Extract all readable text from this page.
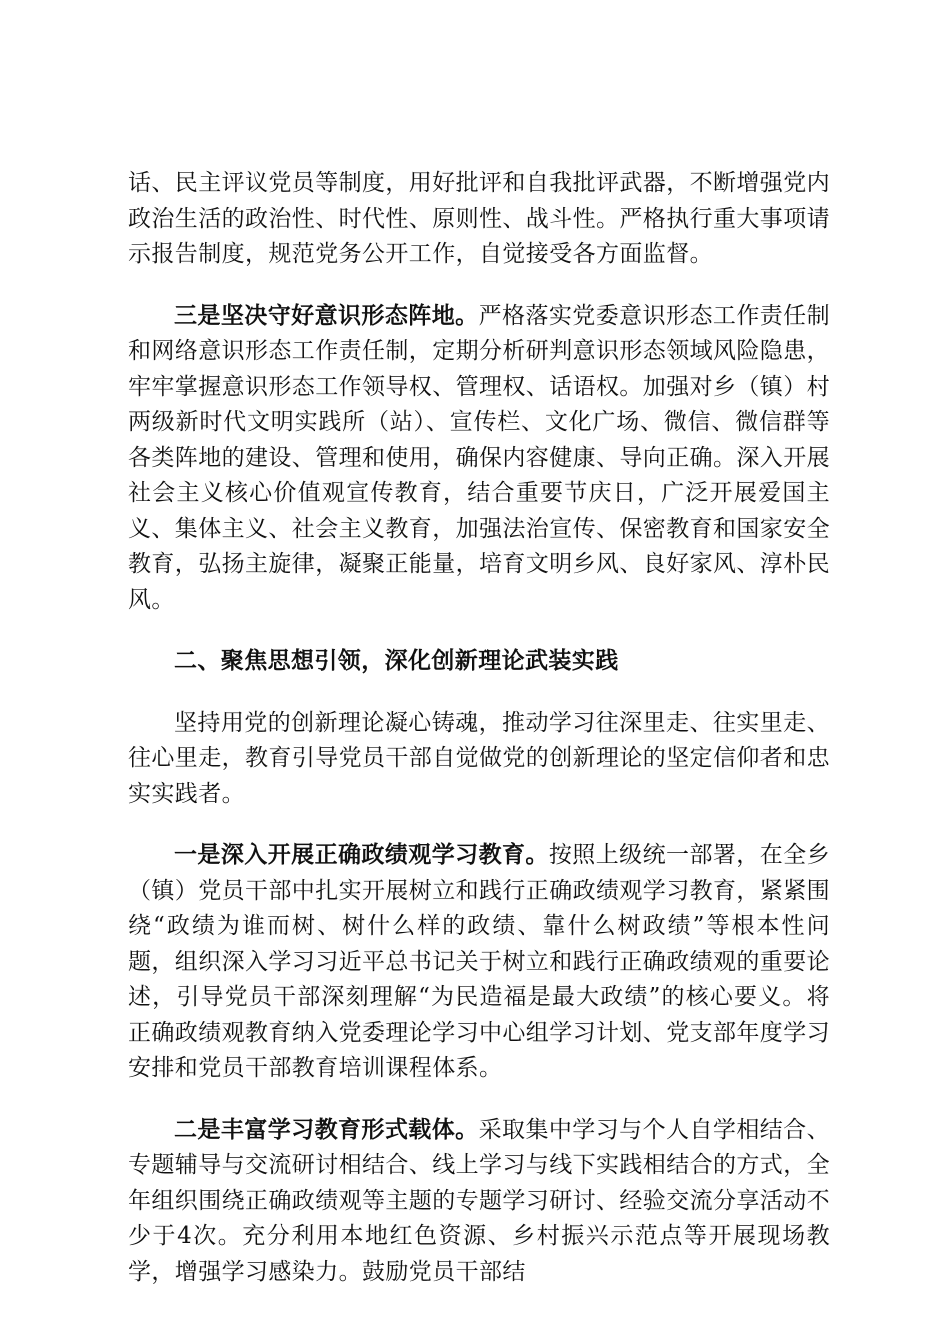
话、民主评议党员等制度，用好批评和自我批评武器，不断增强党内政治生活的政治性、时代性、原则性、战斗性。严格执行重大事项请示报告制度，规范党务公开工作，自觉接受各方面监督。

三是坚决守好意识形态阵地。严格落实党委意识形态工作责任制和网络意识形态工作责任制，定期分析研判意识形态领域风险隐患，牢牢掌握意识形态工作领导权、管理权、话语权。加强对乡（镇）村两级新时代文明实践所（站）、宣传栏、文化广场、微信、微信群等各类阵地的建设、管理和使用，确保内容健康、导向正确。深入开展社会主义核心价值观宣传教育，结合重要节庆日，广泛开展爱国主义、集体主义、社会主义教育，加强法治宣传、保密教育和国家安全教育，弘扬主旋律，凝聚正能量，培育文明乡风、良好家风、淳朴民风。

二、聚焦思想引领，深化创新理论武装实践

坚持用党的创新理论凝心铸魂，推动学习往深里走、往实里走、往心里走，教育引导党员干部自觉做党的创新理论的坚定信仰者和忠实实践者。

一是深入开展正确政绩观学习教育。按照上级统一部署，在全乡（镇）党员干部中扎实开展树立和践行正确政绩观学习教育，紧紧围绕“政绩为谁而树、树什么样的政绩、靠什么树政绩”等根本性问题，组织深入学习习近平总书记关于树立和践行正确政绩观的重要论述，引导党员干部深刻理解“为民造福是最大政绩”的核心要义。将正确政绩观教育纳入党委理论学习中心组学习计划、党支部年度学习安排和党员干部教育培训课程体系。

二是丰富学习教育形式载体。采取集中学习与个人自学相结合、专题辅导与交流研讨相结合、线上学习与线下实践相结合的方式，全年组织围绕正确政绩观等主题的专题学习研讨、经验交流分享活动不少于4次。充分利用本地红色资源、乡村振兴示范点等开展现场教学，增强学习感染力。鼓励党员干部结
